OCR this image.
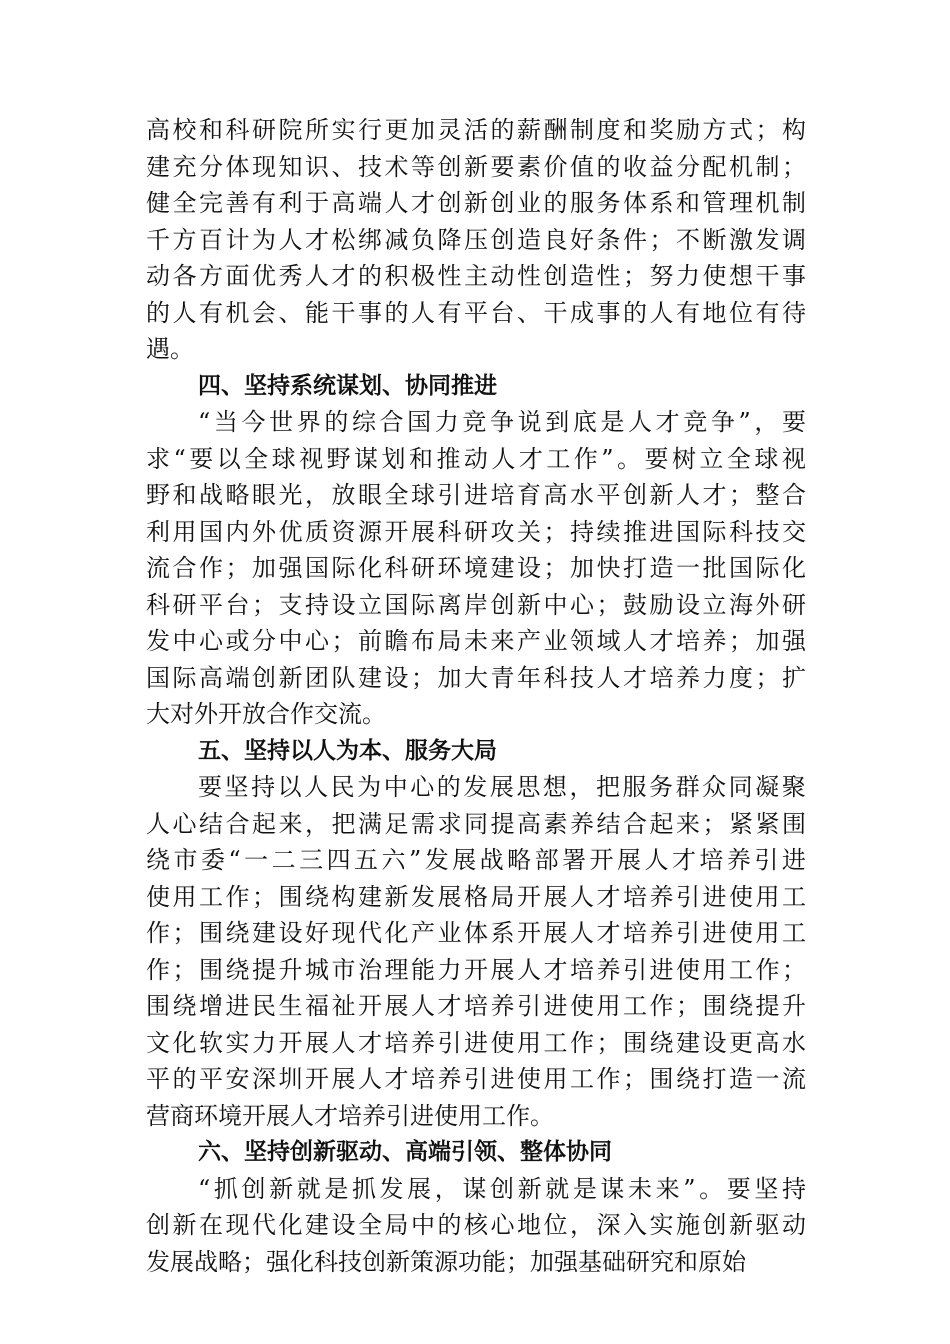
高 校 和 科 研 院 所 实 行 更 加 灵 活 的 薪 酬 制 度 和 奖 励 方 式 ； 构
建 充 分 体 现 知 识 、 技 术 等 创 新 要 素 价 值 的 收 益 分 配 机 制 ；
健 全 完 善 有 利 于 高 端 人 才 创 新 创 业 的 服 务 体 系 和 管 理 机 制
千 方 百 计 为 人 才 松 绑 减 负 降 压 创 造 良 好 条 件 ； 不 断 激 发 调
动 各 方 面 优 秀 人 才 的 积 极 性 主 动 性 创 造 性 ； 努 力 使 想 干 事
的 人 有 机 会 、 能 干 事 的 人 有 平 台 、 干 成 事 的 人 有 地 位 有 待
遇。
四、坚持系统谋划、协同推进
“ 当 今 世 界 的 综 合 国 力 竞 争 说 到 底 是 人 才 竞 争 ” ， 要
求 “ 要 以 全 球 视 野 谋 划 和 推 动 人 才 工 作 ” 。 要 树 立 全 球 视
野 和 战 略 眼 光 ， 放 眼 全 球 引 进 培 育 高 水 平 创 新 人 才 ； 整 合
利 用 国 内 外 优 质 资 源 开 展 科 研 攻 关 ； 持 续 推 进 国 际 科 技 交
流 合 作 ； 加 强 国 际 化 科 研 环 境 建 设 ； 加 快 打 造 一 批 国 际 化
科 研 平 台 ； 支 持 设 立 国 际 离 岸 创 新 中 心 ； 鼓 励 设 立 海 外 研
发 中 心 或 分 中 心 ； 前 瞻 布 局 未 来 产 业 领 域 人 才 培 养 ； 加 强
国 际 高 端 创 新 团 队 建 设 ； 加 大 青 年 科 技 人 才 培 养 力 度 ； 扩
大对外开放合作交流。
五、坚持以人为本、服务大局
要 坚 持 以 人 民 为 中 心 的 发 展 思 想 ， 把 服 务 群 众 同 凝 聚
人 心 结 合 起 来 ， 把 满 足 需 求 同 提 高 素 养 结 合 起 来 ； 紧 紧 围
绕 市 委 “ 一 二 三 四 五 六 ” 发 展 战 略 部 署 开 展 人 才 培 养 引 进
使 用 工 作 ； 围 绕 构 建 新 发 展 格 局 开 展 人 才 培 养 引 进 使 用 工
作 ； 围 绕 建 设 好 现 代 化 产 业 体 系 开 展 人 才 培 养 引 进 使 用 工
作 ； 围 绕 提 升 城 市 治 理 能 力 开 展 人 才 培 养 引 进 使 用 工 作 ；
围 绕 增 进 民 生 福 祉 开 展 人 才 培 养 引 进 使 用 工 作 ； 围 绕 提 升
文 化 软 实 力 开 展 人 才 培 养 引 进 使 用 工 作 ； 围 绕 建 设 更 高 水
平 的 平 安 深 圳 开 展 人 才 培 养 引 进 使 用 工 作 ； 围 绕 打 造 一 流
营商环境开展人才培养引进使用工作。
六、坚持创新驱动、高端引领、整体协同
“ 抓 创 新 就 是 抓 发 展 ， 谋 创 新 就 是 谋 未 来 ” 。 要 坚 持
创 新 在 现 代 化 建 设 全 局 中 的 核 心 地 位 ， 深 入 实 施 创 新 驱 动
发展战略；强化科技创新策源功能；加强基础研究和原始
